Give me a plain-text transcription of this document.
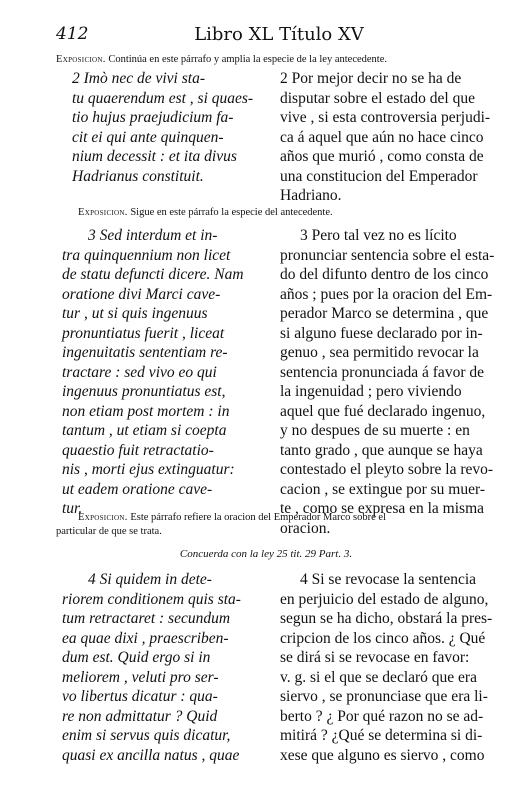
412	Libro XL Título XV
Exposicion. Continúa en este párrafo y amplia la especie de la ley antecedente.
2 Imò nec de vivi sta-
tu quaerendum est , si quaes-
tio hujus praejudicium fa-
cit ei qui ante quinquen-
nium decessit : et ita divus
Hadrianus constituit.
2 Por mejor decir no se ha de
disputar sobre el estado del que
vive , si esta controversia perjudi-
ca á aquel que aún no hace cinco
años que murió , como consta de
una constitucion del Emperador
Hadriano.
Exposicion. Sigue en este párrafo la especie del antecedente.
3 Sed interdum et in-
tra quinquennium non licet
de statu defuncti dicere. Nam
oratione divi Marci cave-
tur , ut si quis ingenuus
pronuntiatus fuerit , liceat
ingenuitatis sententiam re-
tractare : sed vivo eo qui
ingenuus pronuntiatus est,
non etiam post mortem : in
tantum , ut etiam si coepta
quaestio fuit retractatio-
nis , morti ejus extinguatur:
ut eadem oratione cave-
tur.
3 Pero tal vez no es lícito
pronunciar sentencia sobre el esta-
do del difunto dentro de los cinco
años ; pues por la oracion del Em-
perador Marco se determina , que
si alguno fuese declarado por in-
genuo , sea permitido revocar la
sentencia pronunciada á favor de
la ingenuidad ; pero viviendo
aquel que fué declarado ingenuo,
y no despues de su muerte : en
tanto grado , que aunque se haya
contestado el pleyto sobre la revo-
cacion , se extingue por su muer-
te , como se expresa en la misma
oracion.
Exposicion. Este párrafo refiere la oracion del Emperador Marco sobre el
particular de que se trata.
Concuerda con la ley 25 tit. 29 Part. 3.
4 Si quidem in dete-
riorem conditionem quis sta-
tum retractaret : secundum
ea quae dixi , praescriben-
dum est. Quid ergo si in
meliorem , veluti pro ser-
vo libertus dicatur : qua-
re non admittatur ? Quid
enim si servus quis dicatur,
quasi ex ancilla natus , quae
4 Si se revocase la sentencia
en perjuicio del estado de alguno,
segun se ha dicho, obstará la pres-
cripcion de los cinco años. ¿ Qué
se dirá si se revocase en favor:
v. g. si el que se declaró que era
siervo , se pronunciase que era li-
berto ? ¿ Por qué razon no se ad-
mitirá ? ¿Qué se determina si di-
xese que alguno es siervo , como
